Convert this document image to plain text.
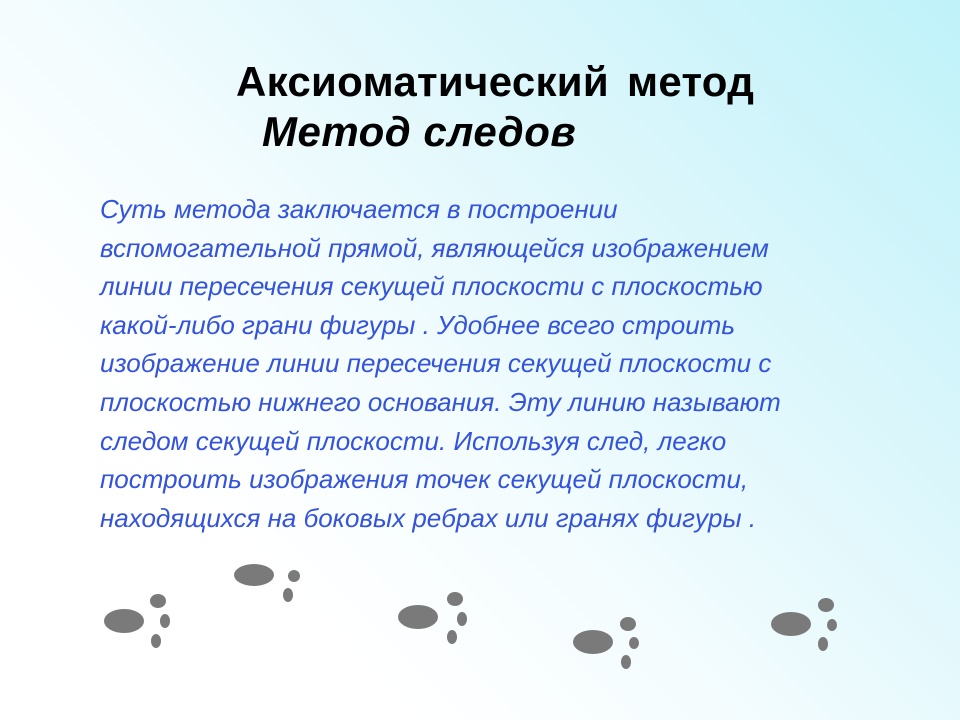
Аксиоматический метод
Метод следов
Суть метода заключается в построении
вспомогательной прямой, являющейся изображением
линии пересечения секущей плоскости с плоскостью
какой-либо грани фигуры . Удобнее всего строить
изображение линии пересечения секущей плоскости с
плоскостью нижнего основания. Эту линию называют
следом секущей плоскости. Используя след, легко
построить изображения точек секущей плоскости,
находящихся на боковых ребрах или гранях фигуры .
